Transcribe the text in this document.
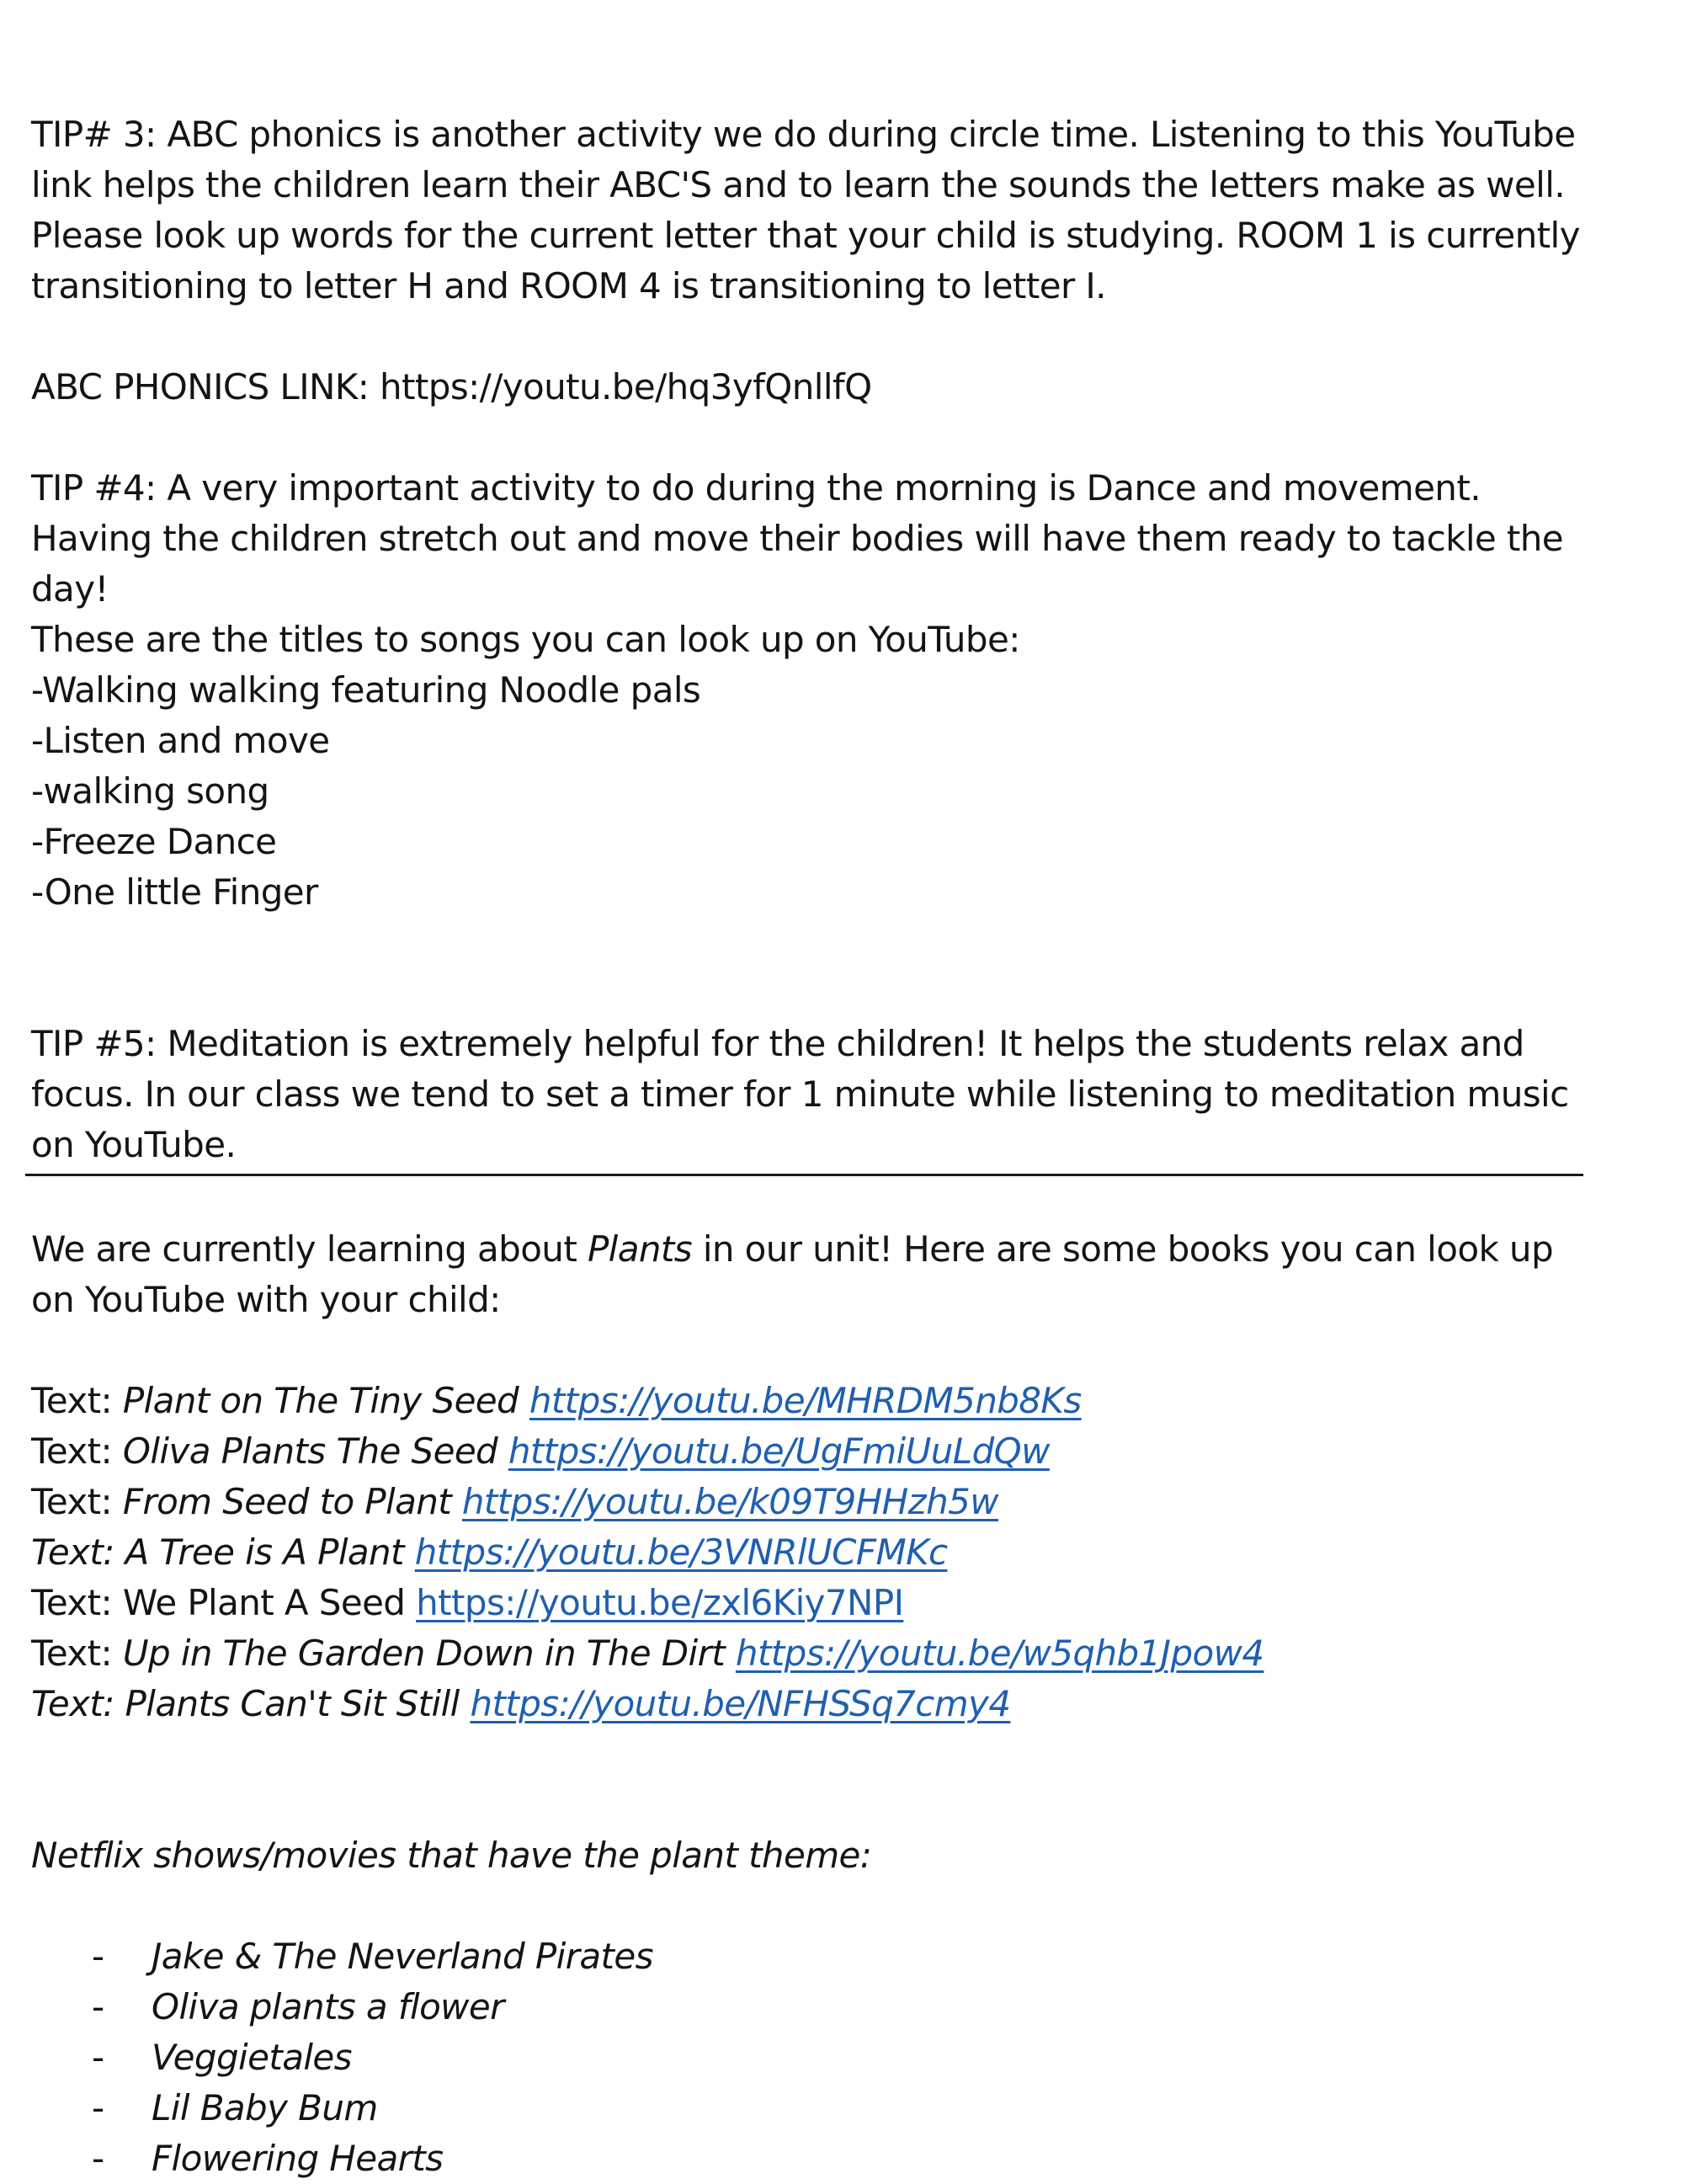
TIP# 3: ABC phonics is another activity we do during circle time. Listening to this YouTube link helps the children learn their ABC'S and to learn the sounds the letters make as well. Please look up words for the current letter that your child is studying. ROOM 1 is currently transitioning to letter H and ROOM 4 is transitioning to letter I.

ABC PHONICS LINK: https://youtu.be/hq3yfQnllfQ

TIP #4: A very important activity to do during the morning is Dance and movement. Having the children stretch out and move their bodies will have them ready to tackle the day!

These are the titles to songs you can look up on YouTube:
-Walking walking featuring Noodle pals
-Listen and move
-walking song
-Freeze Dance
-One little Finger

TIP #5: Meditation is extremely helpful for the children! It helps the students relax and focus. In our class we tend to set a timer for 1 minute while listening to meditation music on YouTube.

We are currently learning about Plants in our unit! Here are some books you can look up on YouTube with your child:

Text: Plant on The Tiny Seed https://youtu.be/MHRDM5nb8Ks
Text: Oliva Plants The Seed https://youtu.be/UgFmiUuLdQw
Text: From Seed to Plant https://youtu.be/k09T9HHzh5w
Text: A Tree is A Plant https://youtu.be/3VNRlUCFMKc
Text: We Plant A Seed https://youtu.be/zxl6Kiy7NPI
Text: Up in The Garden Down in The Dirt https://youtu.be/w5qhb1Jpow4
Text: Plants Can't Sit Still https://youtu.be/NFHSSq7cmy4
Netflix shows/movies that have the plant theme:
- Jake & The Neverland Pirates
- Oliva plants a flower
- Veggietales
- Lil Baby Bum
- Flowering Hearts
